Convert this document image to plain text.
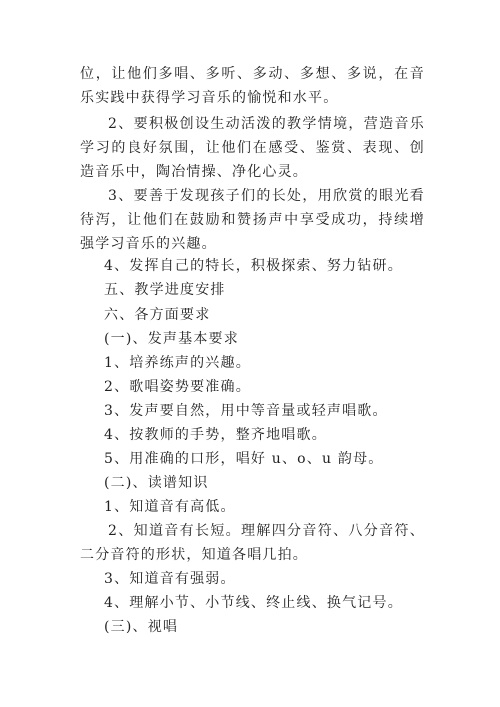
位，让他们多唱、多听、多动、多想、多说，在音乐实践中获得学习音乐的愉悦和水平。

2、要积极创设生动活泼的教学情境，营造音乐学习的良好氛围，让他们在感受、鉴赏、表现、创造音乐中，陶冶情操、净化心灵。

3、要善于发现孩子们的长处，用欣赏的眼光看待泻，让他们在鼓励和赞扬声中享受成功，持续增强学习音乐的兴趣。

4、发挥自己的特长，积极探索、努力钻研。

五、教学进度安排

六、各方面要求

(一)、发声基本要求

1、培养练声的兴趣。

2、歌唱姿势要准确。

3、发声要自然，用中等音量或轻声唱歌。

4、按教师的手势，整齐地唱歌。

5、用准确的口形，唱好 u、o、u 韵母。

(二)、读谱知识

1、知道音有高低。

2、知道音有长短。理解四分音符、八分音符、二分音符的形状，知道各唱几拍。

3、知道音有强弱。

4、理解小节、小节线、终止线、换气记号。

(三)、视唱
